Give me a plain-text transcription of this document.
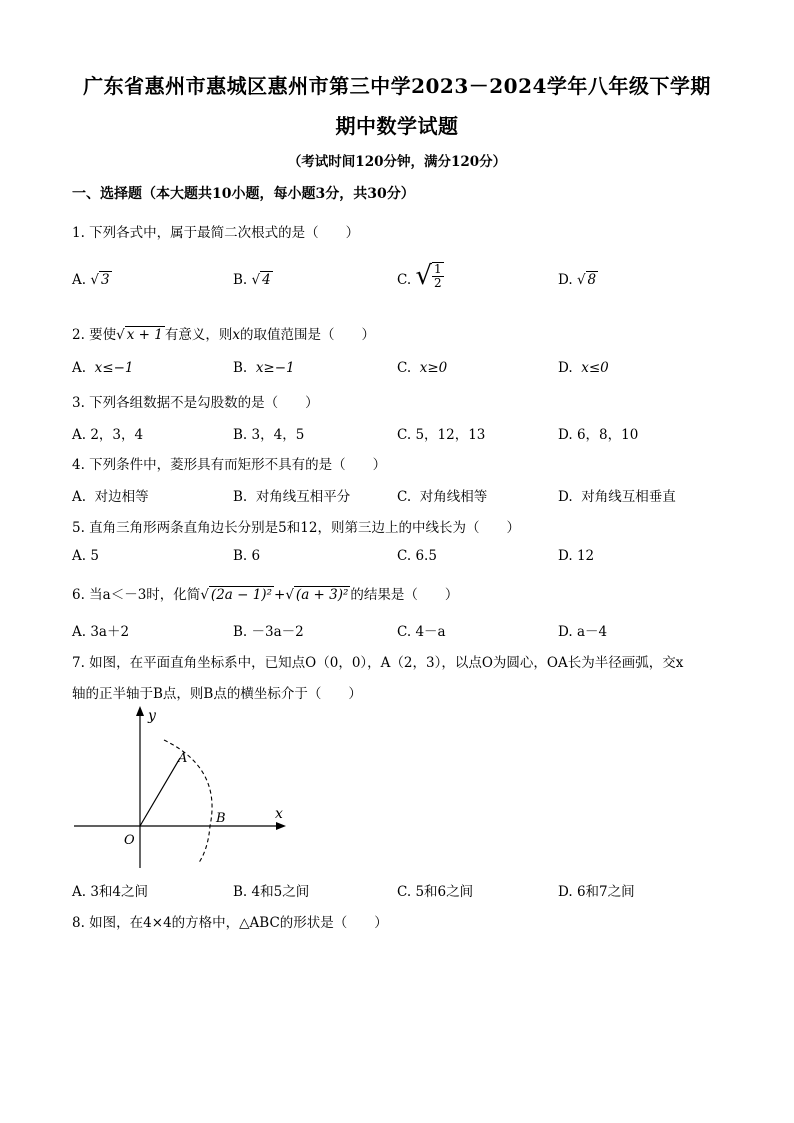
广东省惠州市惠城区惠州市第三中学2023－2024学年八年级下学期
期中数学试题
（考试时间120分钟，满分120分）
一、选择题（本大题共10小题，每小题3分，共30分）
1. 下列各式中，属于最简二次根式的是（　　）
A. √ 3	B. √ 4	C. √ $\frac{1}{2}$	D. √ 8
2. 要使√ x + 1 有意义，则x的取值范围是（　　）
A. x≤−1	B. x≥−1	C. x≥0	D. x≤0
3. 下列各组数据不是勾股数的是（　　）
A. 2，3，4	B. 3，4，5	C. 5，12，13	D. 6，8，10
4. 下列条件中，菱形具有而矩形不具有的是（　　）
A. 对边相等	B. 对角线互相平分	C. 对角线相等	D. 对角线互相垂直
5. 直角三角形两条直角边长分别是5和12，则第三边上的中线长为（　　）
A. 5	B. 6	C. 6.5	D. 12
6. 当a＜－3时，化简√ (2a − 1)² +√ (a + 3)² 的结果是（　　）
A. 3a＋2	B. －3a－2	C. 4－a	D. a－4
7. 如图，在平面直角坐标系中，已知点O（0，0），A（2，3），以点O为圆心，OA长为半径画弧，交x
轴的正半轴于B点，则B点的横坐标介于（　　）
y
x
A
B
O
A. 3和4之间	B. 4和5之间	C. 5和6之间	D. 6和7之间
8. 如图，在4×4的方格中，△ABC的形状是（　　）
